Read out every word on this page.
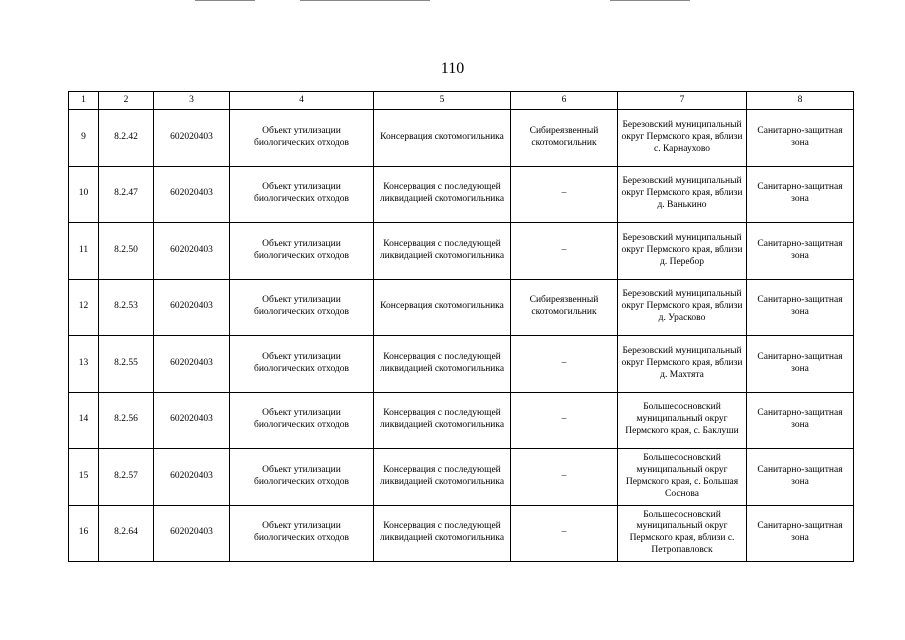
110
1	2	3	4	5	6	7	8
9	8.2.42	602020403	Объект утилизации биологических отходов	Консервация скотомогильника	Сибиреязвенный скотомогильник	Березовский муниципальный округ Пермского края, вблизи с. Карнаухово	Санитарно-защитная зона
10	8.2.47	602020403	Объект утилизации биологических отходов	Консервация с последующей ликвидацией скотомогильника	–	Березовский муниципальный округ Пермского края, вблизи д. Ванькино	Санитарно-защитная зона
11	8.2.50	602020403	Объект утилизации биологических отходов	Консервация с последующей ликвидацией скотомогильника	–	Березовский муниципальный округ Пермского края, вблизи д. Перебор	Санитарно-защитная зона
12	8.2.53	602020403	Объект утилизации биологических отходов	Консервация скотомогильника	Сибиреязвенный скотомогильник	Березовский муниципальный округ Пермского края, вблизи д. Урасково	Санитарно-защитная зона
13	8.2.55	602020403	Объект утилизации биологических отходов	Консервация с последующей ликвидацией скотомогильника	–	Березовский муниципальный округ Пермского края, вблизи д. Махтята	Санитарно-защитная зона
14	8.2.56	602020403	Объект утилизации биологических отходов	Консервация с последующей ликвидацией скотомогильника	–	Большесосновский муниципальный округ Пермского края, с. Баклуши	Санитарно-защитная зона
15	8.2.57	602020403	Объект утилизации биологических отходов	Консервация с последующей ликвидацией скотомогильника	–	Большесосновский муниципальный округ Пермского края, с. Большая Соснова	Санитарно-защитная зона
16	8.2.64	602020403	Объект утилизации биологических отходов	Консервация с последующей ликвидацией скотомогильника	–	Большесосновский муниципальный округ Пермского края, вблизи с. Петропавловск	Санитарно-защитная зона
